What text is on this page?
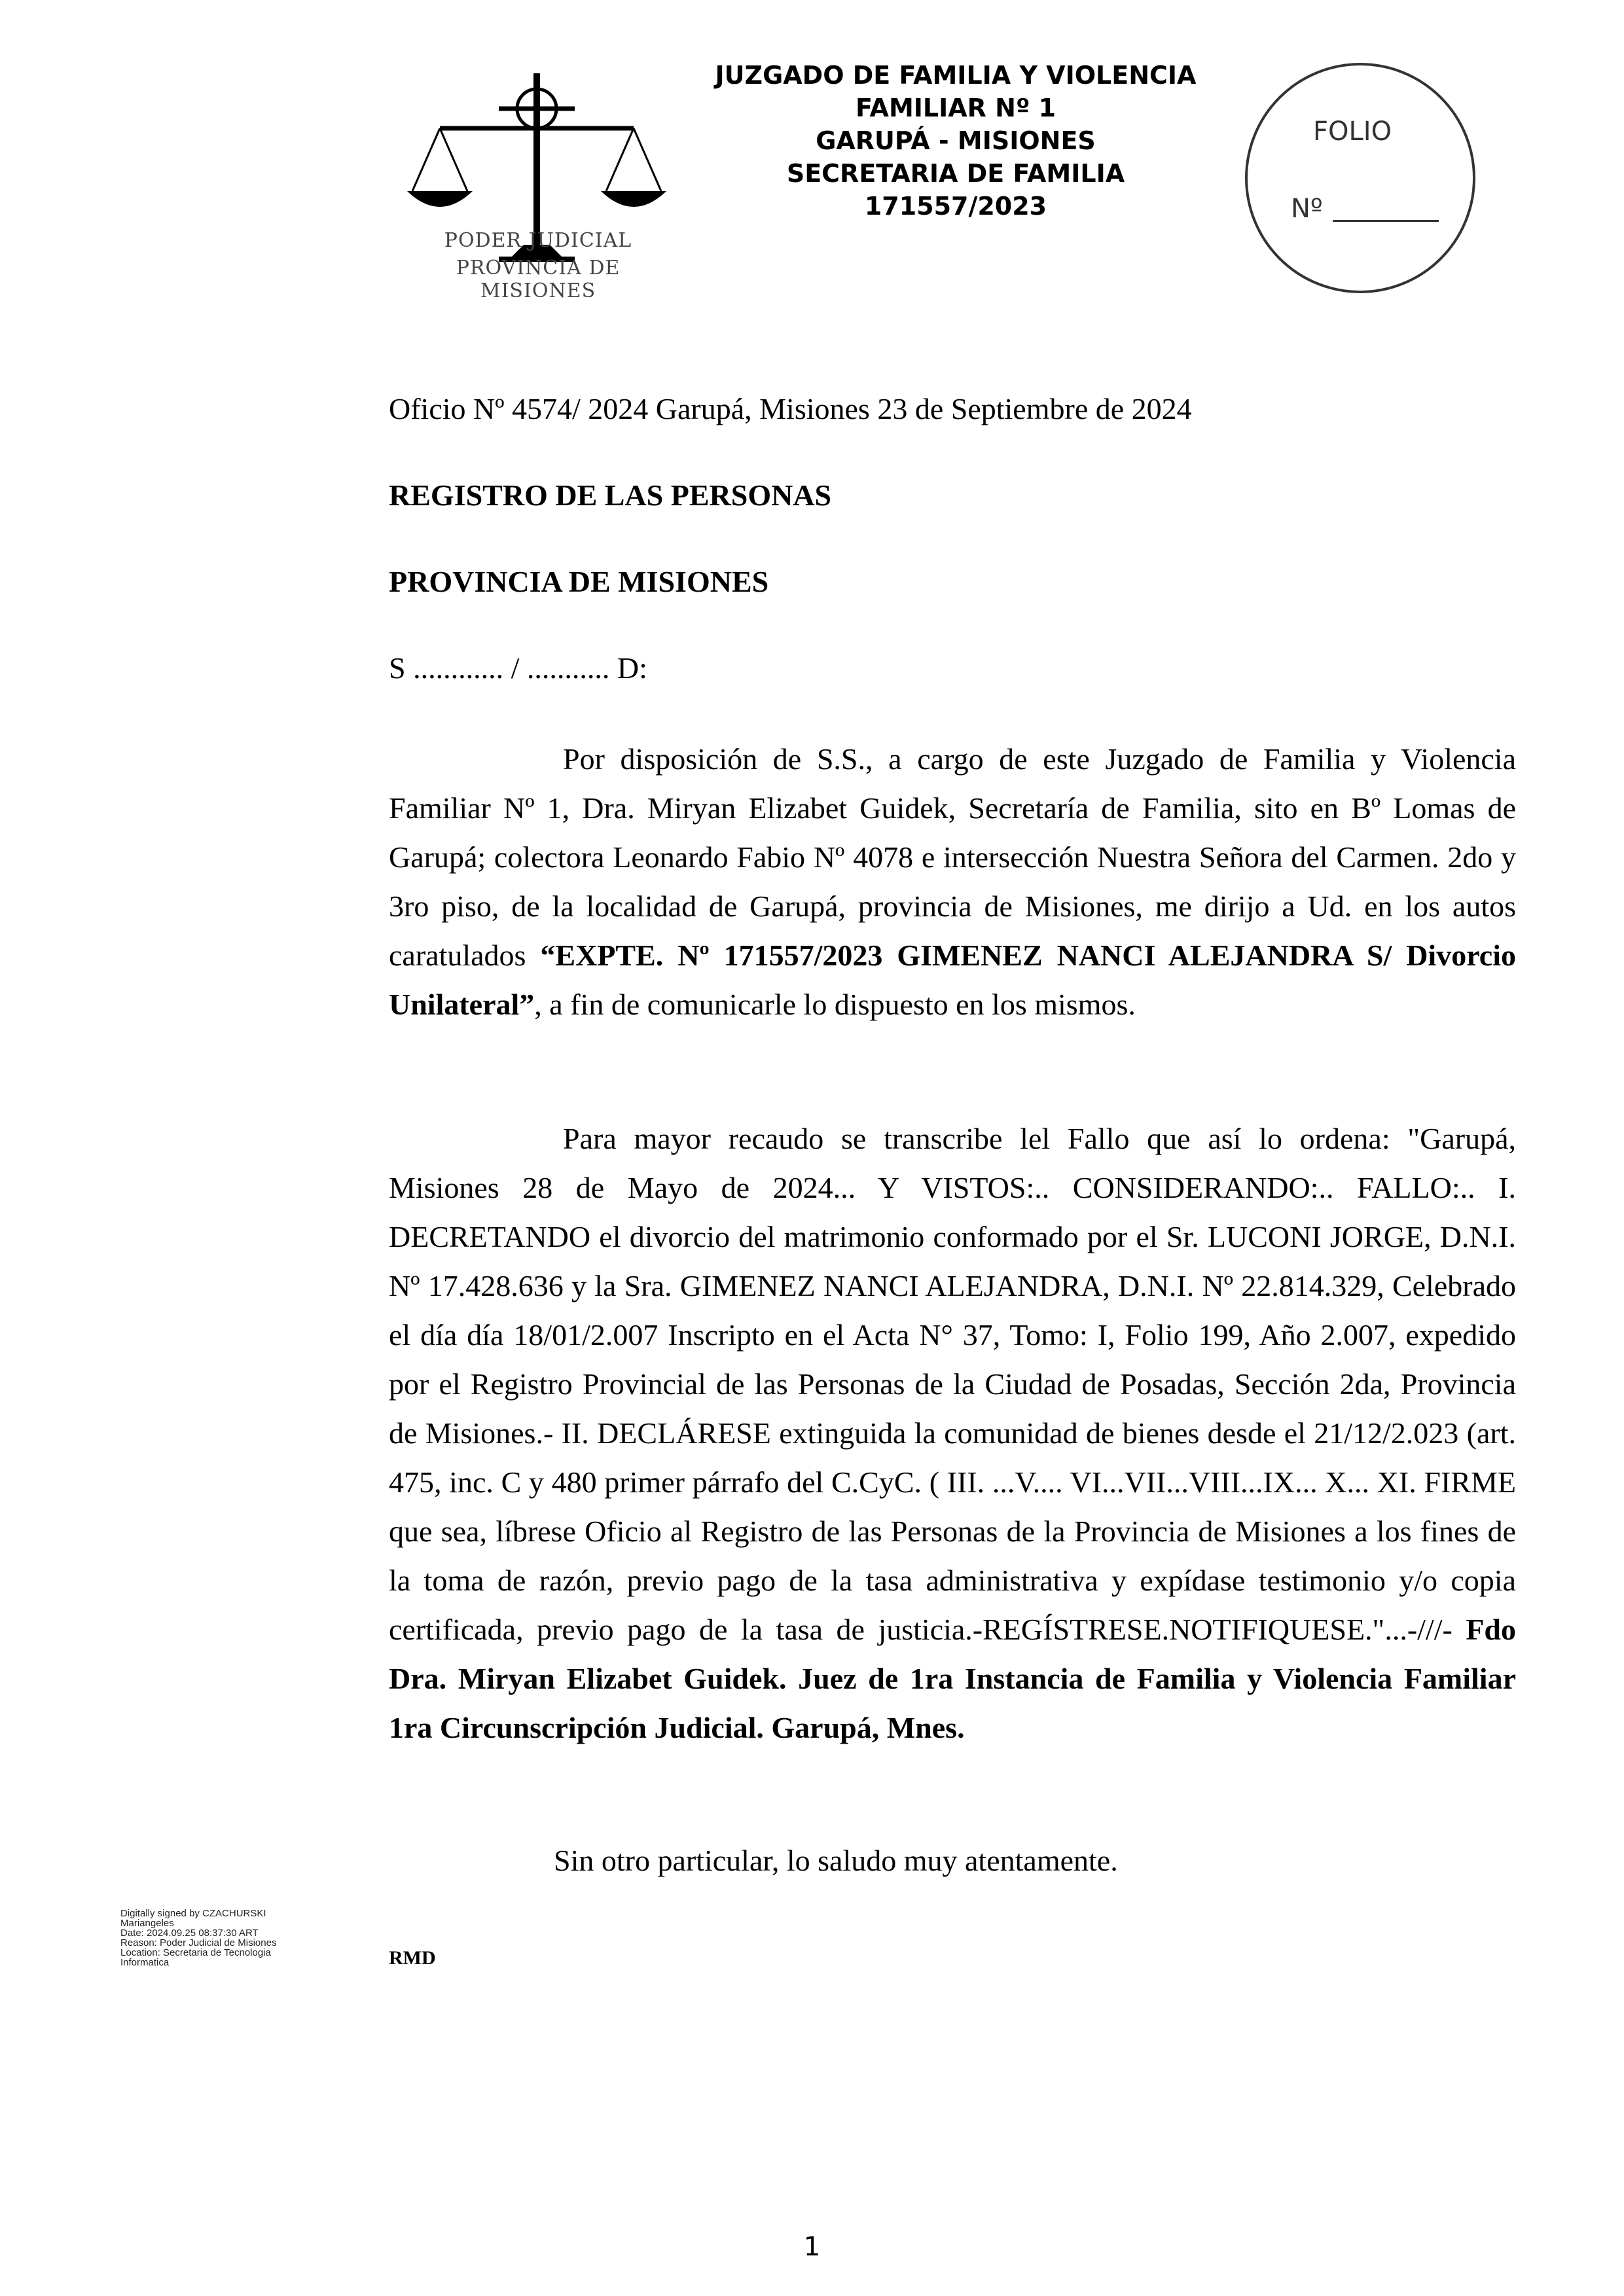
PODER JUDICIAL
PROVINCIA DE MISIONES
JUZGADO DE FAMILIA Y VIOLENCIA
FAMILIAR Nº 1
GARUPÁ - MISIONES
SECRETARIA DE FAMILIA
171557/2023
FOLIO
Nº
Oficio Nº 4574/ 2024 Garupá, Misiones 23 de Septiembre de 2024
REGISTRO DE LAS PERSONAS
PROVINCIA DE MISIONES
S ............ / ........... D:

Por disposición de S.S., a cargo de este Juzgado de Familia y Violencia Familiar Nº 1, Dra. Miryan Elizabet Guidek, Secretaría de Familia, sito en Bº Lomas de Garupá; colectora Leonardo Fabio Nº 4078 e intersección Nuestra Señora del Carmen. 2do y 3ro piso, de la localidad de Garupá, provincia de Misiones, me dirijo a Ud. en los autos caratulados “EXPTE. Nº 171557/2023 GIMENEZ NANCI ALEJANDRA S/ Divorcio Unilateral”, a fin de comunicarle lo dispuesto en los mismos.

Para mayor recaudo se transcribe lel Fallo que así lo ordena: "Garupá, Misiones 28 de Mayo de 2024... Y VISTOS:.. CONSIDERANDO:.. FALLO:.. I. DECRETANDO el divorcio del matrimonio conformado por el Sr. LUCONI JORGE, D.N.I. Nº 17.428.636 y la Sra. GIMENEZ NANCI ALEJANDRA, D.N.I. Nº 22.814.329, Celebrado el día día 18/01/2.007 Inscripto en el Acta N° 37, Tomo: I, Folio 199, Año 2.007, expedido por el Registro Provincial de las Personas de la Ciudad de Posadas, Sección 2da, Provincia de Misiones.- II. DECLÁRESE extinguida la comunidad de bienes desde el 21/12/2.023 (art. 475, inc. C y 480 primer párrafo del C.CyC. ( III. ...V.... VI...VII...VIII...IX... X... XI. FIRME que sea, líbrese Oficio al Registro de las Personas de la Provincia de Misiones a los fines de la toma de razón, previo pago de la tasa administrativa y expídase testimonio y/o copia certificada, previo pago de la tasa de justicia.-REGÍSTRESE.NOTIFIQUESE."...-///- Fdo Dra. Miryan Elizabet Guidek. Juez de 1ra Instancia de Familia y Violencia Familiar 1ra Circunscripción Judicial. Garupá, Mnes.

Sin otro particular, lo saludo muy atentamente.
Digitally signed by CZACHURSKI
Mariangeles
Date: 2024.09.25 08:37:30 ART
Reason: Poder Judicial de Misiones
Location: Secretaria de Tecnologia
Informatica	RMD
1
